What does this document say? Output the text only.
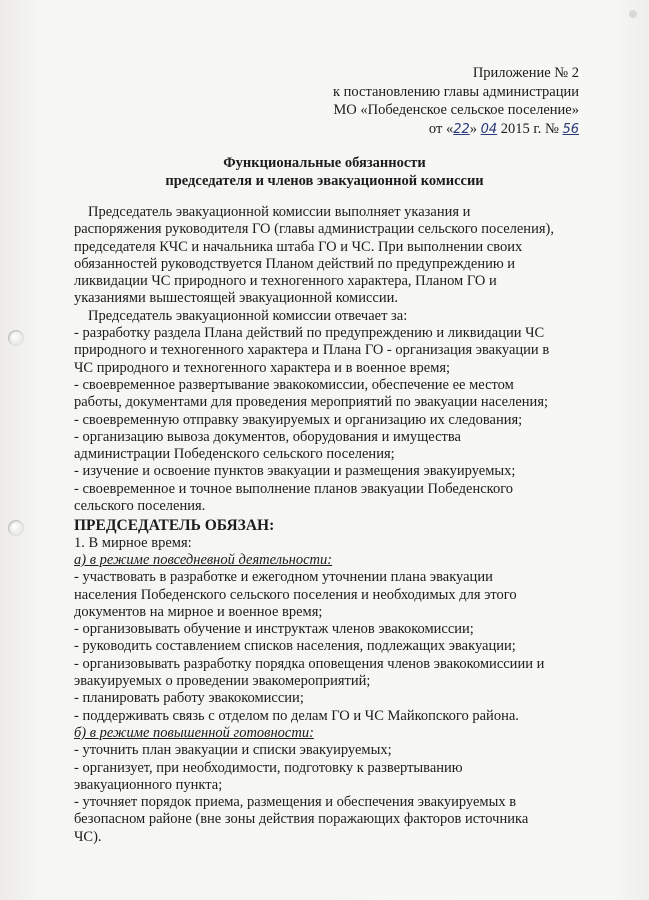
Приложение № 2
к постановлению главы администрации
МО «Победенское сельское поселение»
от «22» 04 2015 г. № 56
Функциональные обязанности
председателя и членов эвакуационной комиссии

Председатель эвакуационной комиссии выполняет указания и

распоряжения руководителя ГО (главы администрации сельского поселения),

председателя КЧС и начальника штаба ГО и ЧС. При выполнении своих

обязанностей руководствуется Планом действий по предупреждению и

ликвидации ЧС природного и техногенного характера, Планом ГО и

указаниями вышестоящей эвакуационной комиссии.

Председатель эвакуационной комиссии отвечает за:

- разработку раздела Плана действий по предупреждению и ликвидации ЧС

природного и техногенного характера и Плана ГО - организация эвакуации в

ЧС природного и техногенного характера и в военное время;

- своевременное развертывание эвакокомиссии, обеспечение ее местом

работы, документами для проведения мероприятий по эвакуации населения;

- своевременную отправку эвакуируемых и организацию их следования;

- организацию вывоза документов, оборудования и имущества

администрации Победенского сельского поселения;

- изучение и освоение пунктов эвакуации и размещения эвакуируемых;

- своевременное и точное выполнение планов эвакуации Победенского

сельского поселения.

ПРЕДСЕДАТЕЛЬ ОБЯЗАН:

1. В мирное время:

а) в режиме повседневной деятельности:

- участвовать в разработке и ежегодном уточнении плана эвакуации

населения Победенского сельского поселения и необходимых для этого

документов на мирное и военное время;

- организовывать обучение и инструктаж членов эвакокомиссии;

- руководить составлением списков населения, подлежащих эвакуации;

- организовывать разработку порядка оповещения членов эвакокомиссиии и

эвакуируемых о проведении эвакомероприятий;

- планировать работу эвакокомиссии;

- поддерживать связь с отделом по делам ГО и ЧС Майкопского района.

б) в режиме повышенной готовности:

- уточнить план эвакуации и списки эвакуируемых;

- организует, при необходимости, подготовку к развертыванию

эвакуационного пункта;

- уточняет порядок приема, размещения и обеспечения эвакуируемых в

безопасном районе (вне зоны действия поражающих факторов источника

ЧС).
